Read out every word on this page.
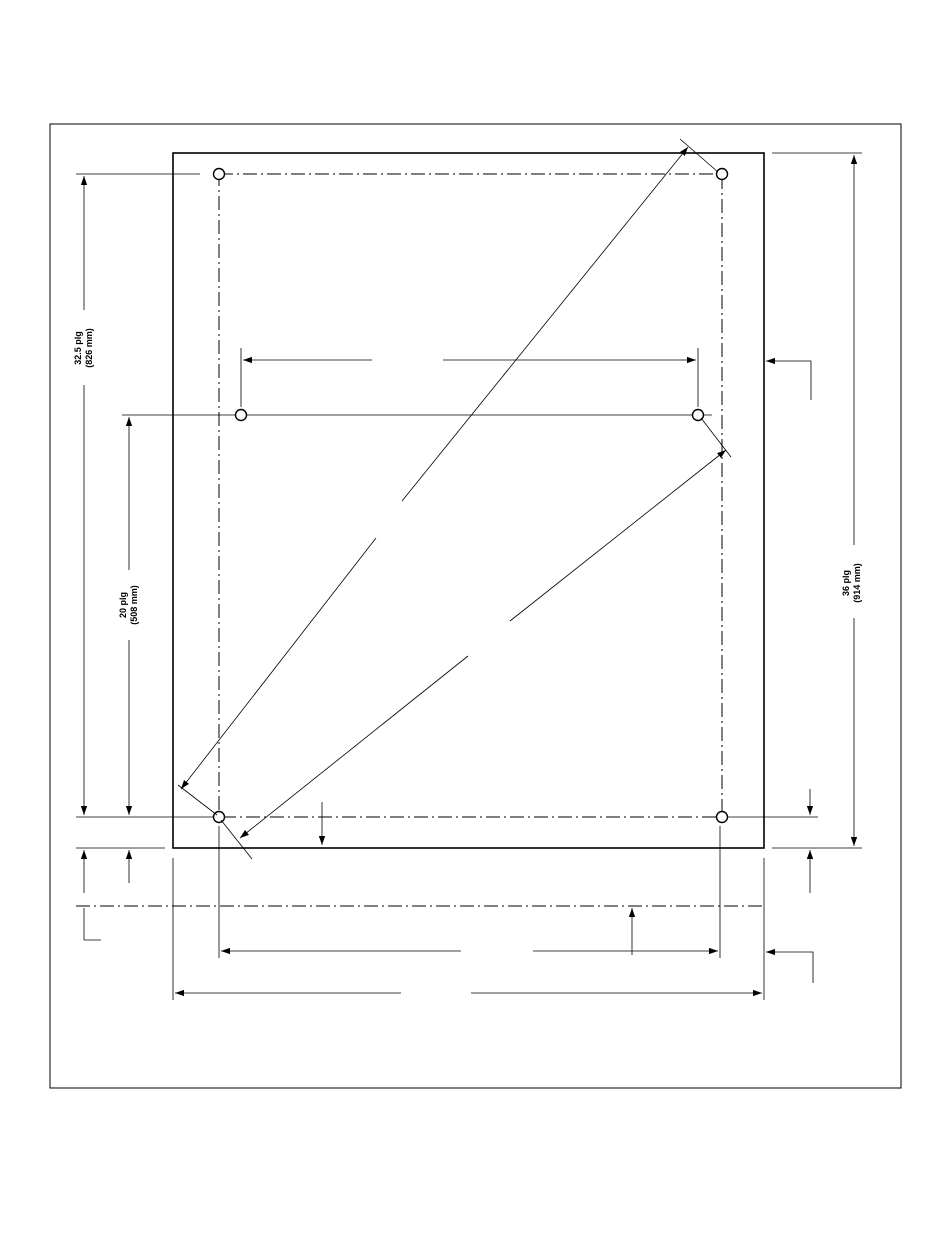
32.5 plg (826 mm)
20 plg (508 mm)
36 plg (914 mm)
